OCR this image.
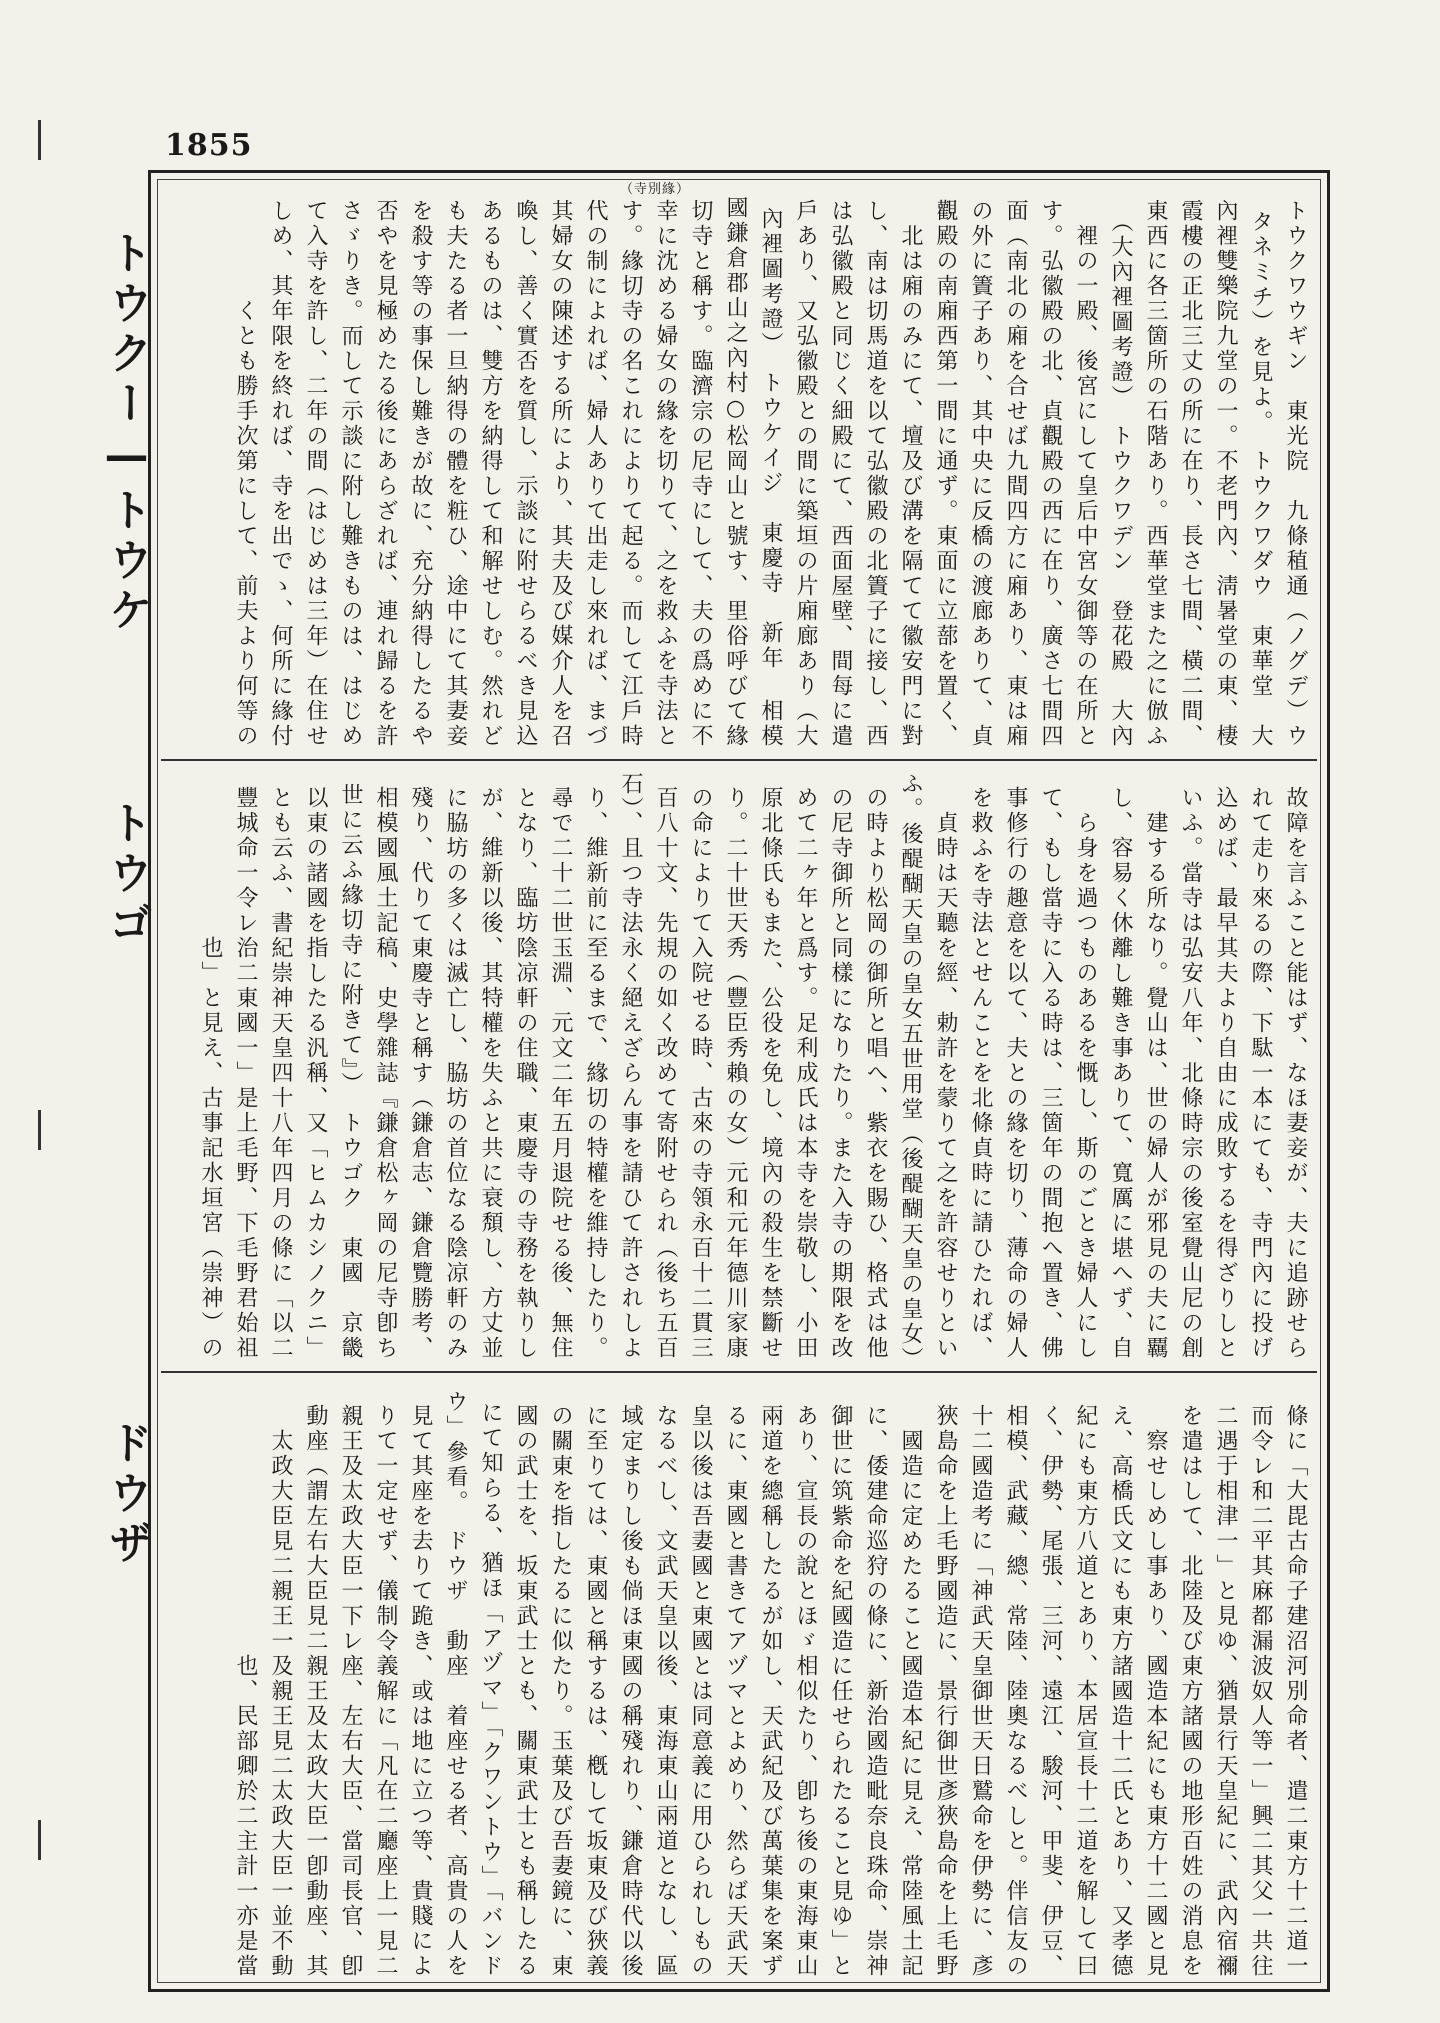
1855
トウクー—トウケ
トウゴ
ドウザ
（寺別緣）
トウクワウギン　東光院　九條稙通（ノグデ）ウタネミチ）を見よ。　トウクワダウ　東華堂　大內裡雙樂院九堂の一。不老門內、淸暑堂の東、棲霞樓の正北三丈の所に在り、長さ七間、橫二間、東西に各三箇所の石階あり。西華堂また之に倣ふ（大內裡圖考證）　トウクワデン　登花殿　大內裡の一殿、後宮にして皇后中宮女御等の在所とす。弘徽殿の北、貞觀殿の西に在り、廣さ七間四面（南北の廂を合せば九間四方に廂あり、東は廂の外に簀子あり、其中央に反橋の渡廊ありて、貞觀殿の南廂西第一間に通ず。東面に立蔀を置く、北は廂のみにて、壇及び溝を隔てて徽安門に對し、南は切馬道を以て弘徽殿の北簀子に接し、西は弘徽殿と同じく細殿にて、西面屋壁、間每に遣戶あり、又弘徽殿との間に築垣の片廂廊あり（大內裡圖考證）　トウケイジ　東慶寺　新年 相模國鎌倉郡山之內村○松岡山と號す、里俗呼びて緣切寺と稱す。臨濟宗の尼寺にして、夫の爲めに不幸に沈める婦女の緣を切りて、之を救ふを寺法とす。緣切寺の名これによりて起る。而して江戶時代の制によれば、婦人ありて出走し來れば、まづ其婦女の陳述する所により、其夫及び媒介人を召喚し、善く實否を質し、示談に附せらるべき見込あるものは、雙方を納得して和解せしむ。然れども夫たる者一旦納得の體を粧ひ、途中にて其妻妾を殺す等の事保し難きが故に、充分納得したるや否やを見極めたる後にあらざれば、連れ歸るを許さゞりき。而して示談に附し難きものは、はじめて入寺を許し、二年の間（はじめは三年）在住せしめ、其年限を終れば、寺を出でゝ、何所に緣付くとも勝手次第にして、前夫より何等の
故障を言ふこと能はず、なほ妻妾が、夫に追跡せられて走り來るの際、下駄一本にても、寺門內に投げ込めば、最早其夫より自由に成敗するを得ざりしといふ。當寺は弘安八年、北條時宗の後室覺山尼の創建する所なり。覺山は、世の婦人が邪見の夫に覊し、容易く休離し難き事ありて、寬厲に堪へず、自ら身を過つものあるを慨し、斯のごとき婦人にして、もし當寺に入る時は、三箇年の間抱へ置き、佛事修行の趣意を以て、夫との緣を切り、薄命の婦人を救ふを寺法とせんことを北條貞時に請ひたれば、貞時は天聽を經、勅許を蒙りて之を許容せりといふ。後醍醐天皇の皇女五世用堂（後醍醐天皇の皇女）の時より松岡の御所と唱へ、紫衣を賜ひ、格式は他の尼寺御所と同樣になりたり。また入寺の期限を改めて二ヶ年と爲す。足利成氏は本寺を崇敬し、小田原北條氏もまた、公役を免し、境內の殺生を禁斷せり。二十世天秀（豐臣秀賴の女）元和元年德川家康の命によりて入院せる時、古來の寺領永百十二貫三百八十文、先規の如く改めて寄附せられ（後ち五百石）、且つ寺法永く絕えざらん事を請ひて許されしより、維新前に至るまで、緣切の特權を維持したり。尋で二十二世玉淵、元文二年五月退院せる後、無住となり、臨坊陰凉軒の住職、東慶寺の寺務を執りしが、維新以後、其特權を失ふと共に衰頽し、方丈並に脇坊の多くは滅亡し、脇坊の首位なる陰凉軒のみ殘り、代りて東慶寺と稱す（鎌倉志、鎌倉覽勝考、相模國風土記稿、史學雜誌『鎌倉松ヶ岡の尼寺卽ち世に云ふ緣切寺に附きて』）　トウゴク　東國　京畿以東の諸國を指したる汎稱、又「ヒムカシノクニ」とも云ふ、書紀崇神天皇四十八年四月の條に「以二豐城命一令レ治二東國一」是上毛野、下毛野君始祖也」と見え、古事記水垣宮（崇神）の
條に「大毘古命子建沼河別命者、遣二東方十二道一而令レ和二平其麻都漏波奴人等一」興二其父一共往二遇于相津一」と見ゆ、猶景行天皇紀に、武內宿禰を遣はして、北陸及び東方諸國の地形百姓の消息を察せしめし事あり、國造本紀にも東方十二國と見え、高橋氏文にも東方諸國造十二氏とあり、又孝德紀にも東方八道とあり、本居宣長十二道を解して曰く、伊勢、尾張、三河、遠江、駿河、甲斐、伊豆、相模、武藏、總、常陸、陸奧なるべしと。伴信友の十二國造考に「神武天皇御世天日鷲命を伊勢に、彥狹島命を上毛野國造に、景行御世彥狹島命を上毛野國造に定めたること國造本紀に見え、常陸風土記に、倭建命巡狩の條に、新治國造毗奈良珠命、崇神御世に筑紫命を紀國造に任せられたること見ゆ」とあり、宣長の說とほゞ相似たり、卽ち後の東海東山兩道を總稱したるが如し、天武紀及び萬葉集を案ずるに、東國と書きてアヅマとよめり、然らば天武天皇以後は吾妻國と東國とは同意義に用ひられしものなるべし、文武天皇以後、東海東山兩道となし、區域定まりし後も倘ほ東國の稱殘れり、鎌倉時代以後に至りては、東國と稱するは、槪して坂東及び狹義の關東を指したるに似たり。玉葉及び吾妻鏡に、東國の武士を、坂東武士とも、關東武士とも稱したるにて知らる、猶ほ「アヅマ」「クワントウ」「バンドウ」參看。　ドウザ　動座　着座せる者、高貴の人を見て其座を去りて跪き、或は地に立つ等、貴賤によりて一定せず、儀制令義解に「凡在二廳座上一見二親王及太政大臣一下レ座、左右大臣、當司長官、卽動座（謂左右大臣見二親王及太政大臣一卽動座、其太政大臣見二親王一及親王見二太政大臣一並不動也、民部卿於二主計一亦是當
